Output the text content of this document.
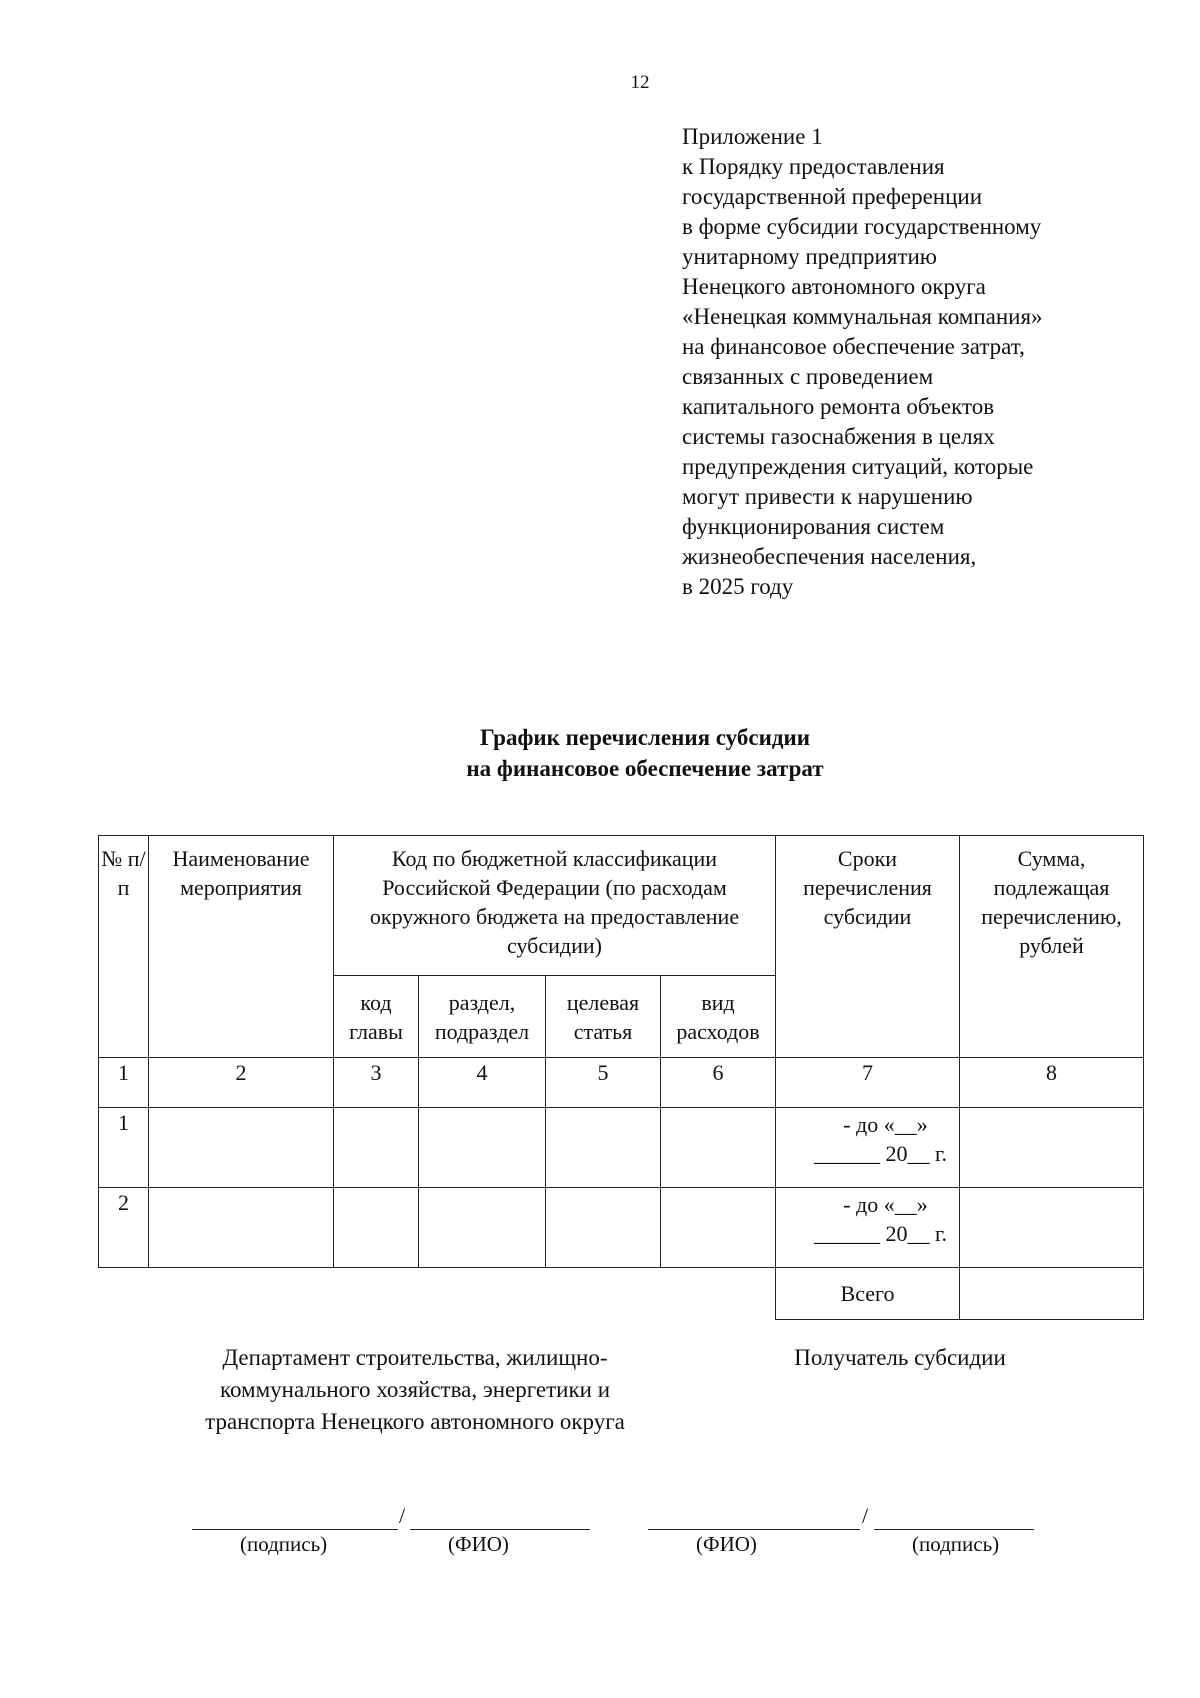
12
Приложение 1
к Порядку предоставления
государственной преференции
в форме субсидии государственному
унитарному предприятию
Ненецкого автономного округа
«Ненецкая коммунальная компания»
на финансовое обеспечение затрат,
связанных с проведением
капитального ремонта объектов
системы газоснабжения в целях
предупреждения ситуаций, которые
могут привести к нарушению
функционирования систем
жизнеобеспечения населения,
в 2025 году
График перечисления субсидии
на финансовое обеспечение затрат
№ п/п	Наименование мероприятия	Код по бюджетной классификации Российской Федерации (по расходам окружного бюджета на предоставление субсидии)				Сроки перечисления субсидии	Сумма, подлежащая перечислению, рублей
		код главы	раздел, подраздел	целевая статья	вид расходов		
1	2	3	4	5	6	7	8
1						- до «__»
______ 20__ г.	

2						- до «__»
______ 20__ г.	

						Всего	
Департамент строительства, жилищно-коммунального хозяйства, энергетики и транспорта Ненецкого автономного округа
Получатель субсидии
/
(подпись)	(ФИО)
/
(ФИО)	(подпись)
